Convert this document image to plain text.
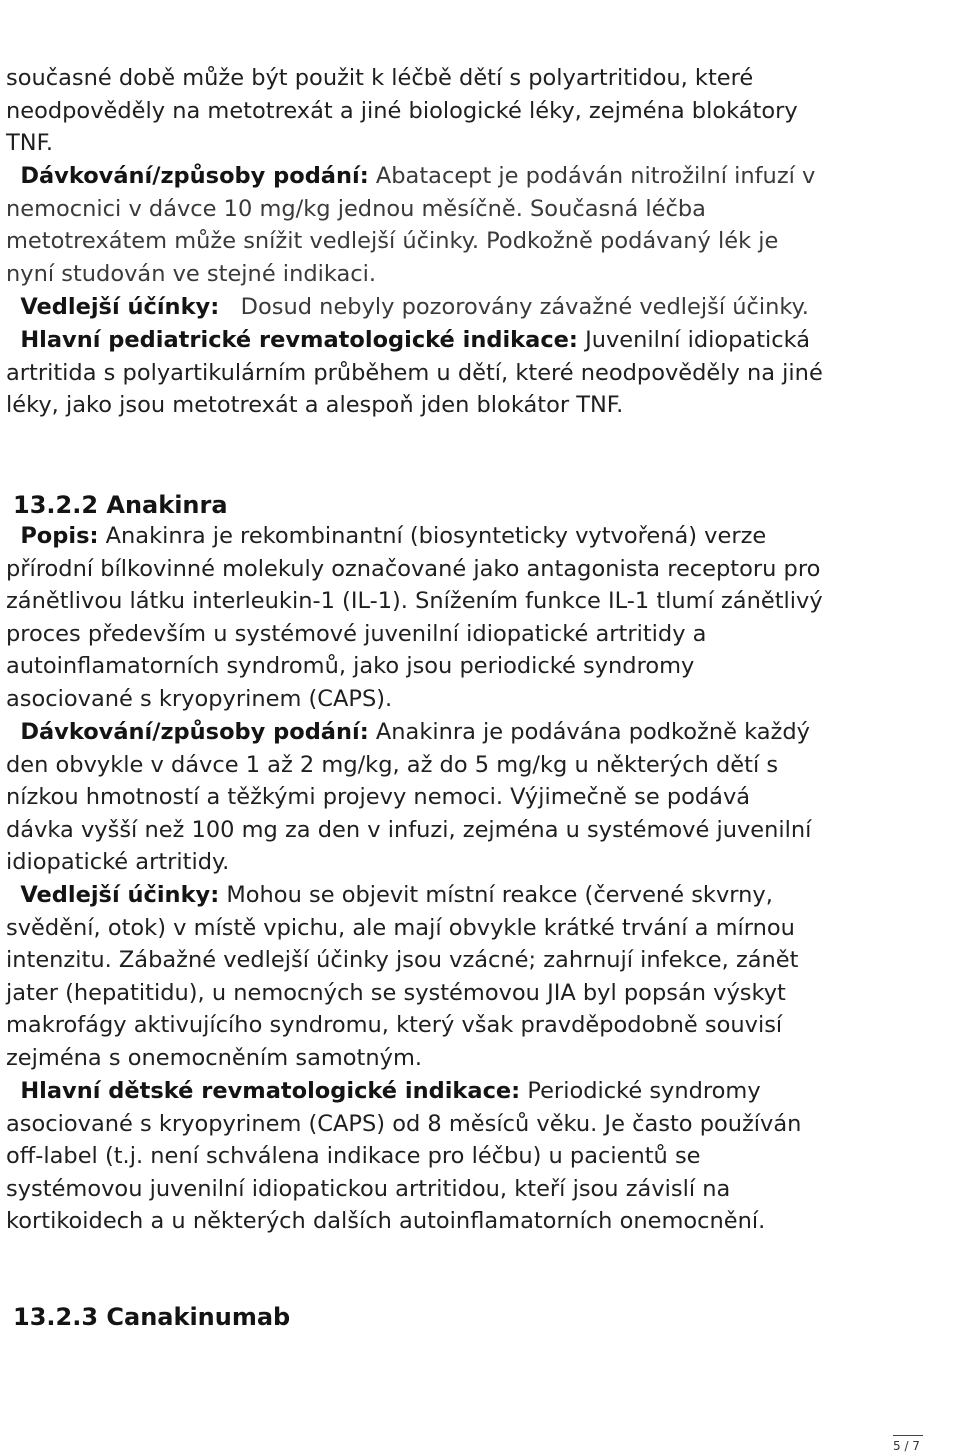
současné době může být použit k léčbě dětí s polyartritidou, které
neodpověděly na metotrexát a jiné biologické léky, zejména blokátory
TNF.
Dávkování/způsoby podání: Abatacept je podáván nitrožilní infuzí v
nemocnici v dávce 10 mg/kg jednou měsíčně. Současná léčba
metotrexátem může snížit vedlejší účinky. Podkožně podávaný lék je
nyní studován ve stejné indikaci.
Vedlejší účínky: Dosud nebyly pozorovány závažné vedlejší účinky.
Hlavní pediatrické revmatologické indikace: Juvenilní idiopatická
artritida s polyartikulárním průběhem u dětí, které neodpověděly na jiné
léky, jako jsou metotrexát a alespoň jden blokátor TNF.
13.2.2 Anakinra
Popis: Anakinra je rekombinantní (biosynteticky vytvořená) verze
přírodní bílkovinné molekuly označované jako antagonista receptoru pro
zánětlivou látku interleukin-1 (IL-1). Snížením funkce IL-1 tlumí zánětlivý
proces především u systémové juvenilní idiopatické artritidy a
autoinflamatorních syndromů, jako jsou periodické syndromy
asociované s kryopyrinem (CAPS).
Dávkování/způsoby podání: Anakinra je podávána podkožně každý
den obvykle v dávce 1 až 2 mg/kg, až do 5 mg/kg u některých dětí s
nízkou hmotností a těžkými projevy nemoci. Výjimečně se podává
dávka vyšší než 100 mg za den v infuzi, zejména u systémové juvenilní
idiopatické artritidy.
Vedlejší účinky: Mohou se objevit místní reakce (červené skvrny,
svědění, otok) v místě vpichu, ale mají obvykle krátké trvání a mírnou
intenzitu. Zábažné vedlejší účinky jsou vzácné; zahrnují infekce, zánět
jater (hepatitidu), u nemocných se systémovou JIA byl popsán výskyt
makrofágy aktivujícího syndromu, který však pravděpodobně souvisí
zejména s onemocněním samotným.
Hlavní dětské revmatologické indikace: Periodické syndromy
asociované s kryopyrinem (CAPS) od 8 měsíců věku. Je často používán
off-label (t.j. není schválena indikace pro léčbu) u pacientů se
systémovou juvenilní idiopatickou artritidou, kteří jsou závislí na
kortikoidech a u některých dalších autoinflamatorních onemocnění.
13.2.3 Canakinumab
5 / 7
